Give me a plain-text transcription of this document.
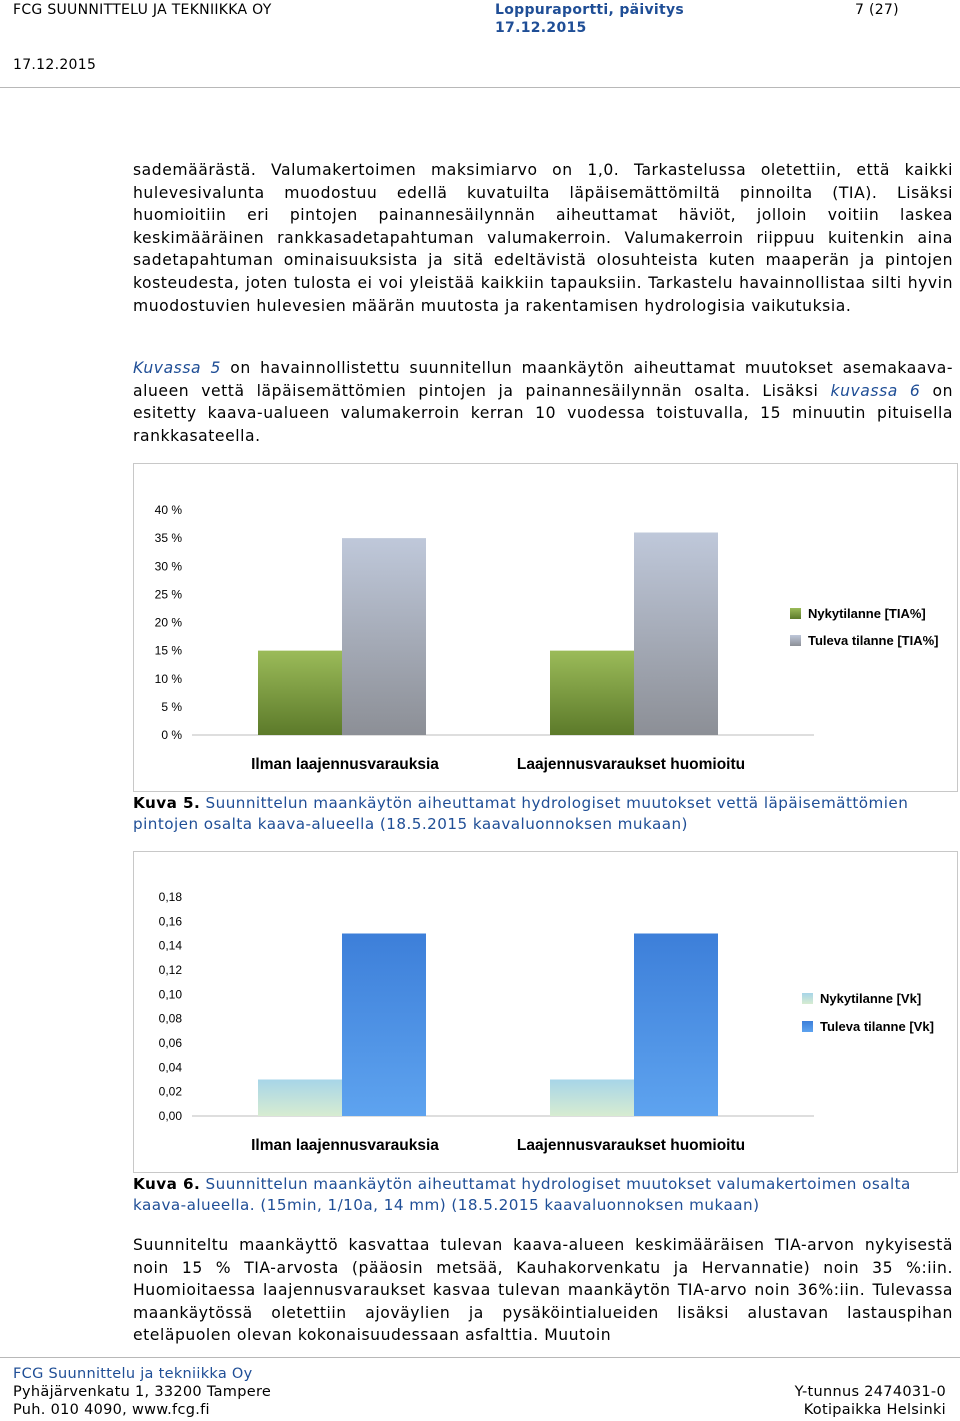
FCG SUUNNITTELU JA TEKNIIKKA OY	Loppuraportti, päivitys
17.12.2015
7 (27)
17.12.2015

sademäärästä. Valumakertoimen maksimiarvo on 1,0. Tarkastelussa oletettiin, että kaikki hulevesivalunta muodostuu edellä kuvatuilta läpäisemättömiltä pinnoilta (TIA). Lisäksi huomioitiin eri pintojen painannesäilynnän aiheuttamat häviöt, jolloin voitiin laskea keskimääräinen rankkasadetapahtuman valumakerroin. Valumakerroin riippuu kuitenkin aina sadetapahtuman ominaisuuksista ja sitä edeltävistä olosuhteista kuten maaperän ja pintojen kosteudesta, joten tulosta ei voi yleistää kaikkiin tapauksiin. Tarkastelu havainnollistaa silti hyvin muodostuvien hulevesien määrän muutosta ja rakentamisen hydrologisia vaikutuksia.

Kuvassa 5 on havainnollistettu suunnitellun maankäytön aiheuttamat muutokset asemakaava-alueen vettä läpäisemättömien pintojen ja painannesäilynnän osalta. Lisäksi kuvassa 6 on esitetty kaava-ualueen valumakerroin kerran 10 vuodessa toistuvalla, 15 minuutin pituisella rankkasateella.

0 %
5 %
10 %
15 %
20 %
25 %
30 %
35 %
40 %
Ilman laajennusvarauksia	Laajennusvaraukset huomioitu
Nykytilanne [TIA%]
Tuleva tilanne [TIA%]
Kuva 5. Suunnittelun maankäytön aiheuttamat hydrologiset muutokset vettä läpäisemättömien pintojen osalta kaava-alueella (18.5.2015 kaavaluonnoksen mukaan)
0,00
0,02
0,04
0,06
0,08
0,10
0,12
0,14
0,16
0,18
Ilman laajennusvarauksia	Laajennusvaraukset huomioitu
Nykytilanne [Vk]
Tuleva tilanne [Vk]
Kuva 6. Suunnittelun maankäytön aiheuttamat hydrologiset muutokset valumakertoimen osalta kaava-alueella. (15min, 1/10a, 14 mm) (18.5.2015 kaavaluonnoksen mukaan)

Suunniteltu maankäyttö kasvattaa tulevan kaava-alueen keskimääräisen TIA-arvon nykyisestä noin 15 % TIA-arvosta (pääosin metsää, Kauhakorvenkatu ja Hervannatie) noin 35 %:iin. Huomioitaessa laajennusvaraukset kasvaa tulevan maankäytön TIA-arvo noin 36%:iin. Tulevassa maankäytössä oletettiin ajoväylien ja pysäköintialueiden lisäksi alustavan lastauspihan eteläpuolen olevan kokonaisuudessaan asfalttia. Muutoin

FCG Suunnittelu ja tekniikka Oy
Pyhäjärvenkatu 1, 33200 Tampere
Puh. 010 4090, www.fcg.fi
Y-tunnus 2474031-0
Kotipaikka Helsinki
